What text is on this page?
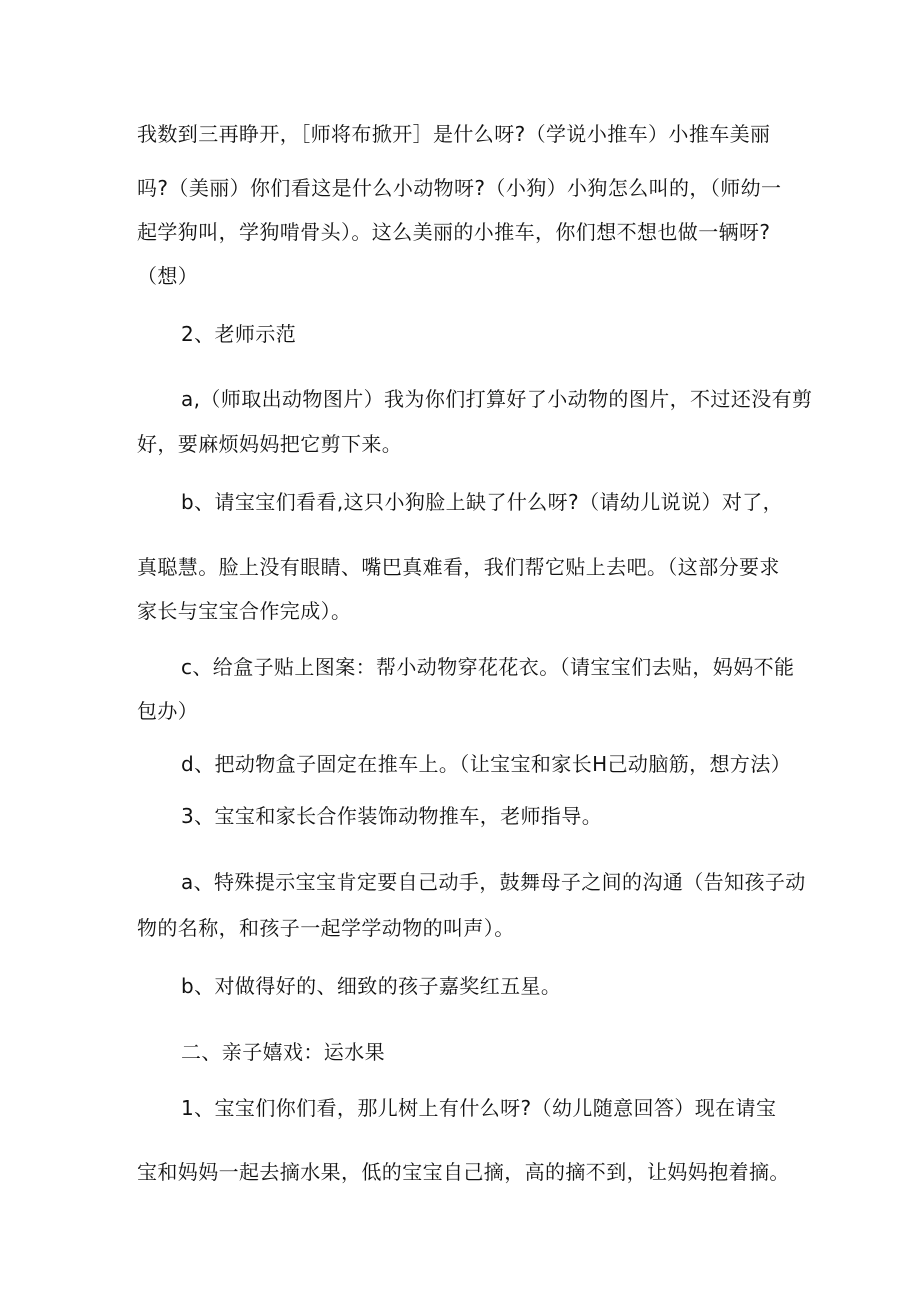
我数到三再睁开，［师将布掀开］是什么呀?（学说小推车）小推车美丽
吗?（美丽）你们看这是什么小动物呀?（小狗）小狗怎么叫的，（师幼一
起学狗叫，学狗啃骨头）。这么美丽的小推车，你们想不想也做一辆呀?
（想）
2、老师示范
a,（师取出动物图片）我为你们打算好了小动物的图片，不过还没有剪
好，要麻烦妈妈把它剪下来。
b、请宝宝们看看,这只小狗脸上缺了什么呀?（请幼儿说说）对了，
真聪慧。脸上没有眼睛、嘴巴真难看，我们帮它贴上去吧。（这部分要求
家长与宝宝合作完成）。
c、给盒子贴上图案：帮小动物穿花花衣。（请宝宝们去贴，妈妈不能
包办）
d、把动物盒子固定在推车上。（让宝宝和家长H己动脑筋，想方法）
3、宝宝和家长合作装饰动物推车，老师指导。
a、特殊提示宝宝肯定要自己动手，鼓舞母子之间的沟通（告知孩子动
物的名称，和孩子一起学学动物的叫声）。
b、对做得好的、细致的孩子嘉奖红五星。
二、亲子嬉戏：运水果
1、宝宝们你们看，那儿树上有什么呀?（幼儿随意回答）现在请宝
宝和妈妈一起去摘水果，低的宝宝自己摘，高的摘不到，让妈妈抱着摘。
